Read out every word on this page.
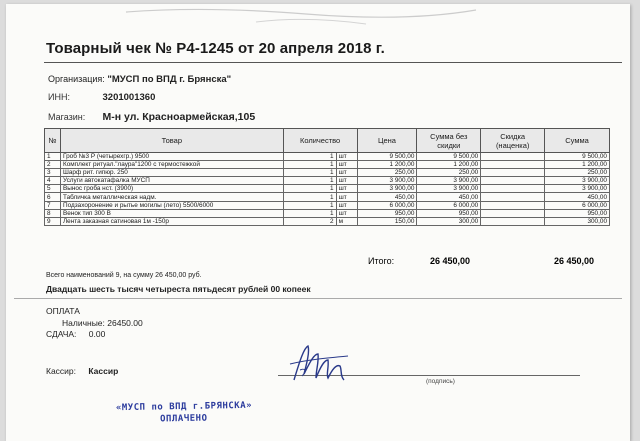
Товарный чек № Р4-1245 от 20 апреля 2018 г.
Организация: "МУСП по ВПД г. Брянска"
ИНН:	3201001360
Магазин: М-н ул. Красноармейская,105
№	Товар	Количество		Цена	Сумма без скидки	Скидка (наценка)	Сумма
1	Гроб №3 Р (четырехгр.) 9500	1	шт	9 500,00	9 500,00		9 500,00
2	Комплект ритуал."лаура"1200 с термостежкой	1	шт	1 200,00	1 200,00		1 200,00
3	Шарф рит. гипюр. 250	1	шт	250,00	250,00		250,00
4	Услуги автокатафалка МУСП	1	шт	3 900,00	3 900,00		3 900,00
5	Вынос гроба нст. (3900)	1	шт	3 900,00	3 900,00		3 900,00
6	Табличка металлическая надм.	1	шт	450,00	450,00		450,00
7	Подзахоронение и рытье могилы (лето) 5500/6000	1	шт	6 000,00	6 000,00		6 000,00
8	Венок тип 300 В	1	шт	950,00	950,00		950,00
9	Лента заказная сатиновая 1м -150р	2	м	150,00	300,00		300,00
Итого:	26 450,00	26 450,00
Всего наименований 9, на сумму 26 450,00 руб.
Двадцать шесть тысяч четыреста пятьдесят рублей 00 копеек
ОПЛАТА
Наличные: 26450.00
СДАЧА: 0.00
Кассир: Кассир
(подпись)
«МУСП по ВПД г.БРЯНСКА»
ОПЛАЧЕНО
